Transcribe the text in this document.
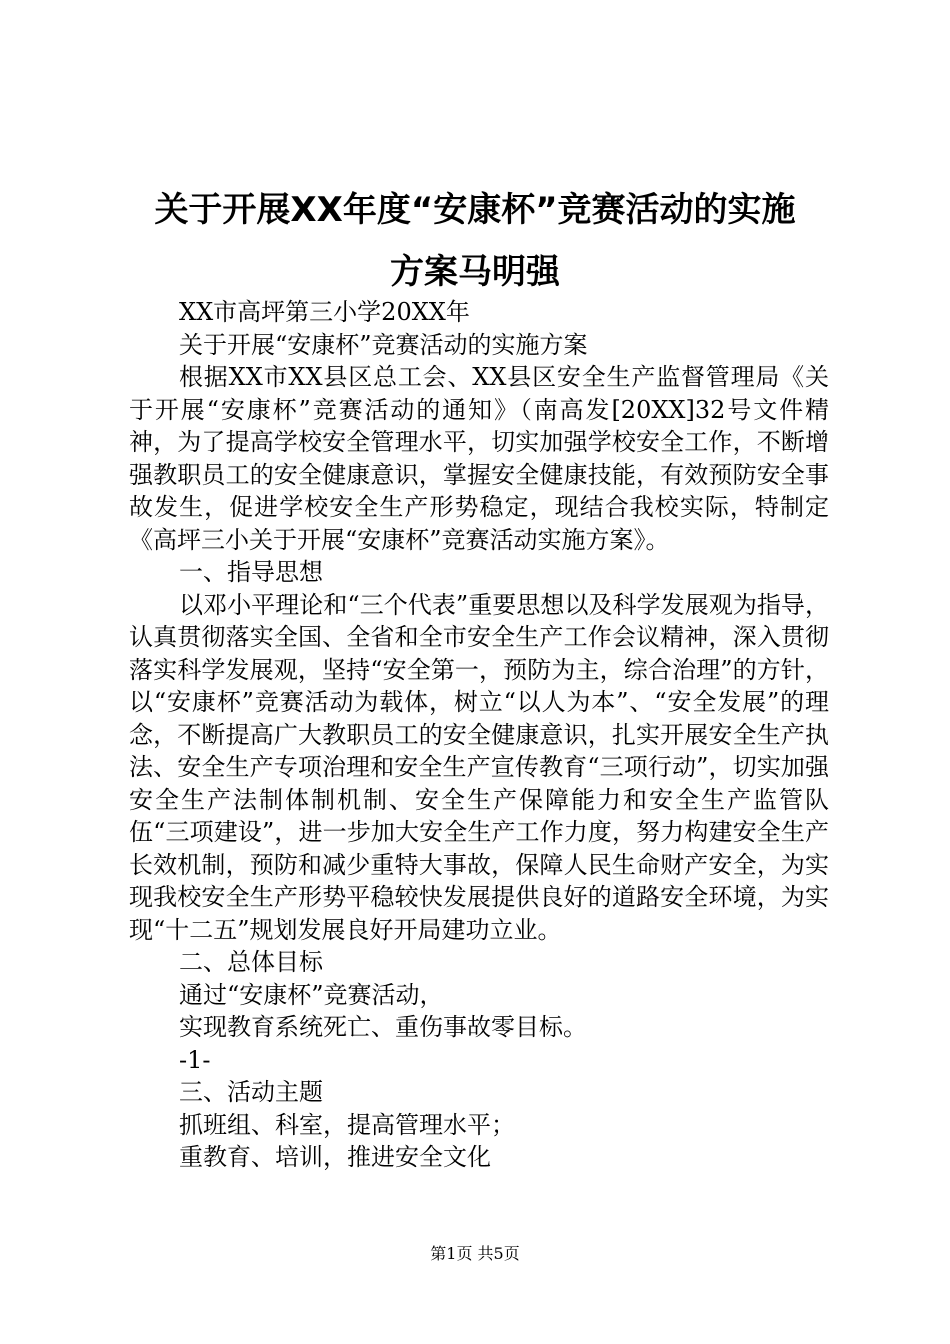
关于开展XX年度“安康杯”竞赛活动的实施
方案马明强

XX市高坪第三小学20XX年

关于开展“安康杯”竞赛活动的实施方案

根据XX市XX县区总工会、XX县区安全生产监督管理局《关于开展“安康杯”竞赛活动的通知》（南高发[20XX]32号文件精神，为了提高学校安全管理水平，切实加强学校安全工作，不断增强教职员工的安全健康意识，掌握安全健康技能，有效预防安全事故发生，促进学校安全生产形势稳定，现结合我校实际，特制定《高坪三小关于开展“安康杯”竞赛活动实施方案》。

一、指导思想

以邓小平理论和“三个代表”重要思想以及科学发展观为指导，认真贯彻落实全国、全省和全市安全生产工作会议精神，深入贯彻落实科学发展观，坚持“安全第一，预防为主，综合治理”的方针，以“安康杯”竞赛活动为载体，树立“以人为本”、“安全发展”的理念，不断提高广大教职员工的安全健康意识，扎实开展安全生产执法、安全生产专项治理和安全生产宣传教育“三项行动”，切实加强安全生产法制体制机制、安全生产保障能力和安全生产监管队伍“三项建设”，进一步加大安全生产工作力度，努力构建安全生产长效机制，预防和减少重特大事故，保障人民生命财产安全，为实现我校安全生产形势平稳较快发展提供良好的道路安全环境，为实现“十二五”规划发展良好开局建功立业。

二、总体目标

通过“安康杯”竞赛活动，

实现教育系统死亡、重伤事故零目标。

-1-

三、活动主题

抓班组、科室，提高管理水平；

重教育、培训，推进安全文化

第1页 共5页
